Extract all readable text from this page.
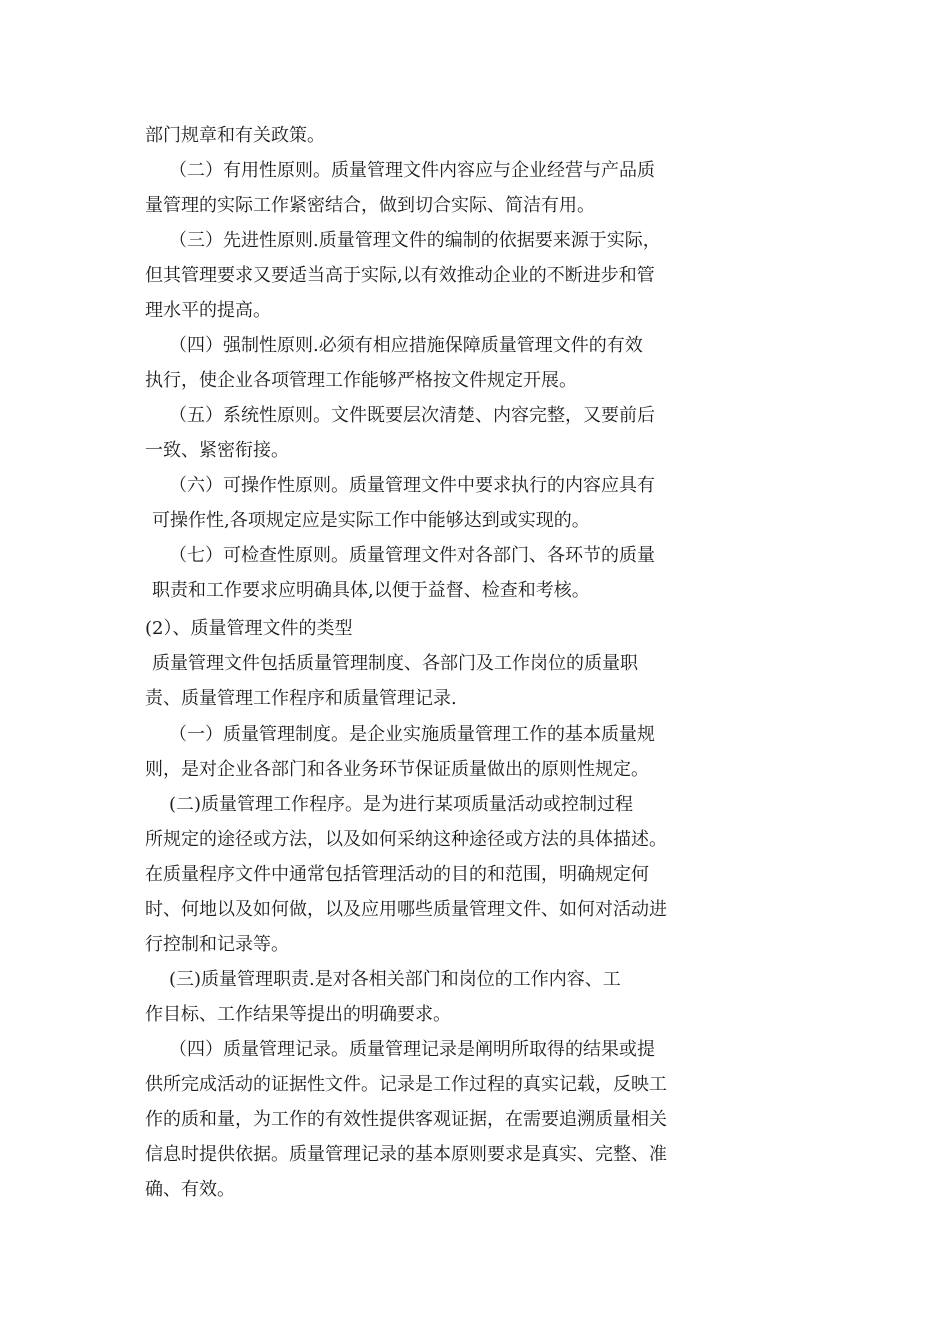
部门规章和有关政策。
（二）有用性原则。质量管理文件内容应与企业经营与产品质
量管理的实际工作紧密结合，做到切合实际、简洁有用。
（三）先进性原则.质量管理文件的编制的依据要来源于实际，
但其管理要求又要适当高于实际,以有效推动企业的不断进步和管
理水平的提高。
（四）强制性原则.必须有相应措施保障质量管理文件的有效
执行，使企业各项管理工作能够严格按文件规定开展。
（五）系统性原则。文件既要层次清楚、内容完整，又要前后
一致、紧密衔接。
（六）可操作性原则。质量管理文件中要求执行的内容应具有
可操作性,各项规定应是实际工作中能够达到或实现的。
（七）可检查性原则。质量管理文件对各部门、各环节的质量
职责和工作要求应明确具体,以便于益督、检查和考核。
(2）、质量管理文件的类型
质量管理文件包括质量管理制度、各部门及工作岗位的质量职
责、质量管理工作程序和质量管理记录.
（一）质量管理制度。是企业实施质量管理工作的基本质量规
则，是对企业各部门和各业务环节保证质量做出的原则性规定。
(二)质量管理工作程序。是为进行某项质量活动或控制过程
所规定的途径或方法，以及如何采纳这种途径或方法的具体描述。
在质量程序文件中通常包括管理活动的目的和范围，明确规定何
时、何地以及如何做，以及应用哪些质量管理文件、如何对活动进
行控制和记录等。
(三)质量管理职责.是对各相关部门和岗位的工作内容、工
作目标、工作结果等提出的明确要求。
（四）质量管理记录。质量管理记录是阐明所取得的结果或提
供所完成活动的证据性文件。记录是工作过程的真实记载，反映工
作的质和量，为工作的有效性提供客观证据，在需要追溯质量相关
信息时提供依据。质量管理记录的基本原则要求是真实、完整、准
确、有效。
